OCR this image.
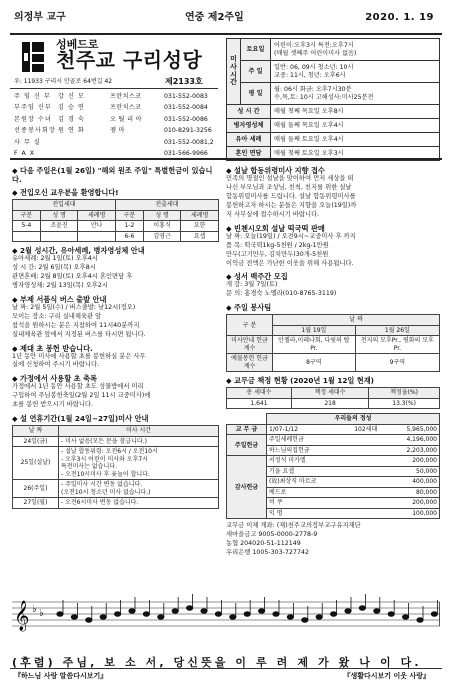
의정부 교구	연중 제2주일	2020. 1. 19
성베드로
천주교 구리성당
우: 11933 구리시 안골로 64번길 42	제2133호
주 임 신 부	강 신 모	프란치스코	031-552-0083
부주임 신부 김 승 연	프란치스코	031-552-0084
본원장 수녀 김 경 숙	오 틸 리 아	031-552-0086
선종봉사회장 원 연 화	젬 마	010-8291-3256
사 무 실	031-552-0081,2
F A X	031-566-9966
미 사 시 간	토요일	어린이:오후3시 특전:오후7시
(매월 셋째주 어린이미사 없음)

	주 일	일반: 06, 09시 청소년: 10시
교중: 11시, 청년: 오후6시

	평 일	월: 06시 화금: 오후7시30분
수,목,토: 10시 고해성사:미사25분전

성 시 간		매월 첫째 목요일 오후8시
병자영성체		매월 둘째 목요일 오후4시
유아 세례		매월 둘째 토요일 오후4시
혼인 면담		매월 첫째 토요일 오후3시
◆ 다음 주일은(1월 26일) "해외 원조 주일" 특별헌금이 있습니다.
◆ 전입오신 교우분을 환영합니다!
전입세대			전출세대		
구분	성 명	세례명	구분	성 명	세례명
5-4	조윤진	안나	1-2	이홍식	요한
			6-6	김영근	요셉
◆ 2월 성시간, 유아세례, 병자영성체 안내
유아세례: 2월 1일(토) 오후4시
성 시 간: 2월 6일(목) 오후8시
관면혼배: 2월 8일(토) 오후4시 혼인면담 후
병자영성체: 2월 13일(목) 오후2시
◆ 부제 서품식 버스 출발 안내
날 짜: 2월 5일(수) / 버스출발: 낮12시(정오)
모이는 장소: 구리 실내체육관 앞
참석을 원하시는 분은 지참하여 11시40분까지
실내체육관 앞에서 지정된 버스를 타시면 됩니다.
◆ 제대 초 봉헌 받습니다.
1년 동안 미사에 사용할 초를 봉헌하실 분은 사무
실에 신청하여 주시기 바랍니다.
◆ 가정에서 사용할 초 축복
가정에서 1년 동안 사용할 초도 성물방에서 미리
구입하여 주님봉헌축일(2월 2일 11시 교중미사)에
초를 봉헌 받으시기 바랍니다.
◆ 설 연휴기간(1월 24일~27일)미사 안내
날 짜	미사 시간
24일(금)	- 미사 없음(모든 문을 잠급니다.)

25일(설날)	- 설날 합동위령: 오전6시 / 오전10시
- 오후3시 어린이 미사와 오후7시
특전미사는 없습니다.
- 오전10시미사 후 윷놀이 합니다.

26(주일)	- 주일미사 시간 변동 없습니다.
(오전10시 청소년 미사 없습니다.)

27일(월)	- 오전6시미사 변동 없습니다.
◆ 설날 합동위령미사 지향 접수
민족의 명절인 설날을 맞이하여 먼저 세상을 떠
나신 부모님과 조상님, 친척, 친지를 위한 설날
합동위령미사를 드립니다. 설날 합동위령미사를
봉헌하고자 하시는 분들은 지향을 오늘(19일)까
지 사무실에 접수하시기 바랍니다.
◆ 빈첸시오회 설날 떡국떡 판매
날 짜: 오늘(19일) / 오전9시~교중미사 후 까지
품 목: 떡국떡1kg-5천원 / 2kg-1만원
만두(고기만두, 김치만두)30개-5천원
이익금 전액은 가난한 이웃을 위해 사용됩니다.
◆ 성서 백주간 모집
개 강: 3월 7일(토)
문 의: 홍경숙 노엘라(010-8765-3119)
◆ 주일 봉사팀
구 분	날 짜	
	1월 19일	1월 26일
미사안내 헌금계수	안젤라,이레나회, 다윗의 탑Pr.	천지의 모후Pr., 평화의 모후Pr.
예물봉헌 헌금계수	8구역	9구역
◆ 교무금 책정 현황 (2020년 1월 12일 현재)
총 세대수	책정 세대수	책정율(%)
1,641	218	13.3(%)
	우리들의 정성		
교 무 금	1/07-1/12	102세대	5,965,000
주일헌금	주일세례헌금		4,196,000
	하느님의집헌금		2,203,000
감사헌금	서정석 미카엘		200,000
	기을 요셉		50,000
	(故)최상직 마르코		400,000
	베드로		80,000
	비 쿠		200,000
	익 명		100,000
교무금 이체 계좌: (재)천주교의정부교구유지재단
새마을금고 9005-0000-2778-9
농협 204020-51-112149
우리은행 1005-303-727742
𝄞 ♭ ♭
(후렴) 주님, 보 소 서, 당신뜻을 이 루 려 제 가 왔 나 이 다.
『하느님 사랑 말씀다시보기』	『생활다시보기 이웃 사랑』
